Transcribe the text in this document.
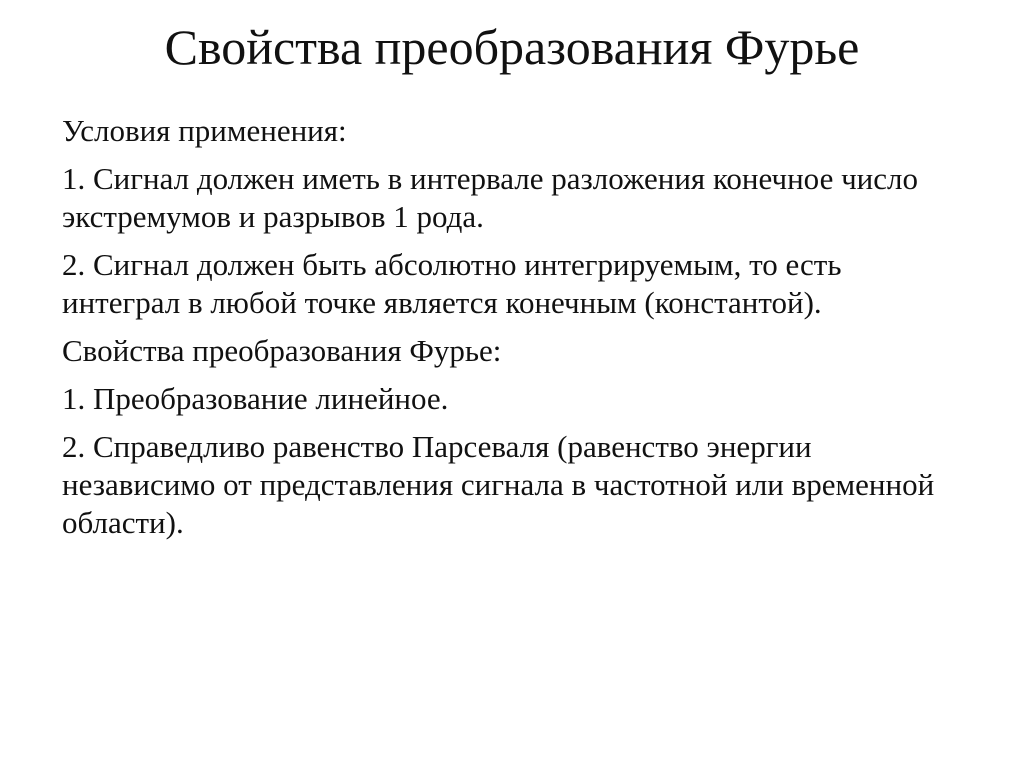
Свойства преобразования Фурье

Условия применения:

1. Сигнал должен иметь в интервале разложения конечное число экстремумов и разрывов 1 рода.

2. Сигнал должен быть абсолютно интегрируемым, то есть интеграл в любой точке является конечным (константой).

Свойства преобразования Фурье:

1. Преобразование линейное.

2. Справедливо равенство Парсеваля (равенство энергии независимо от представления сигнала в частотной или временной области).
